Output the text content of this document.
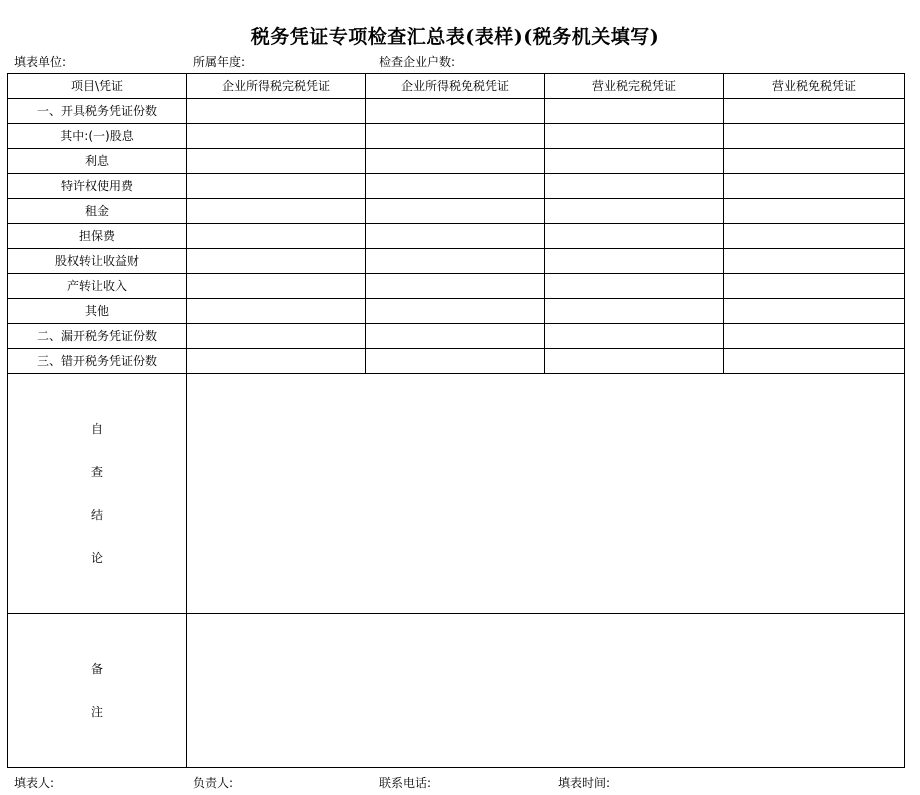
税务凭证专项检查汇总表(表样)(税务机关填写)
填表单位:	所属年度:	检查企业户数:
项目\凭证	企业所得税完税凭证	企业所得税免税凭证	营业税完税凭证	营业税免税凭证
一、开具税务凭证份数				
其中:(一)股息				
利息				
特许权使用费				
租金				
担保费				
股权转让收益财				
产转让收入				
其他				
二、漏开税务凭证份数				
三、错开税务凭证份数				

自
查
结
论				

备
注				

填表人:	负责人:	联系电话:	填表时间:
